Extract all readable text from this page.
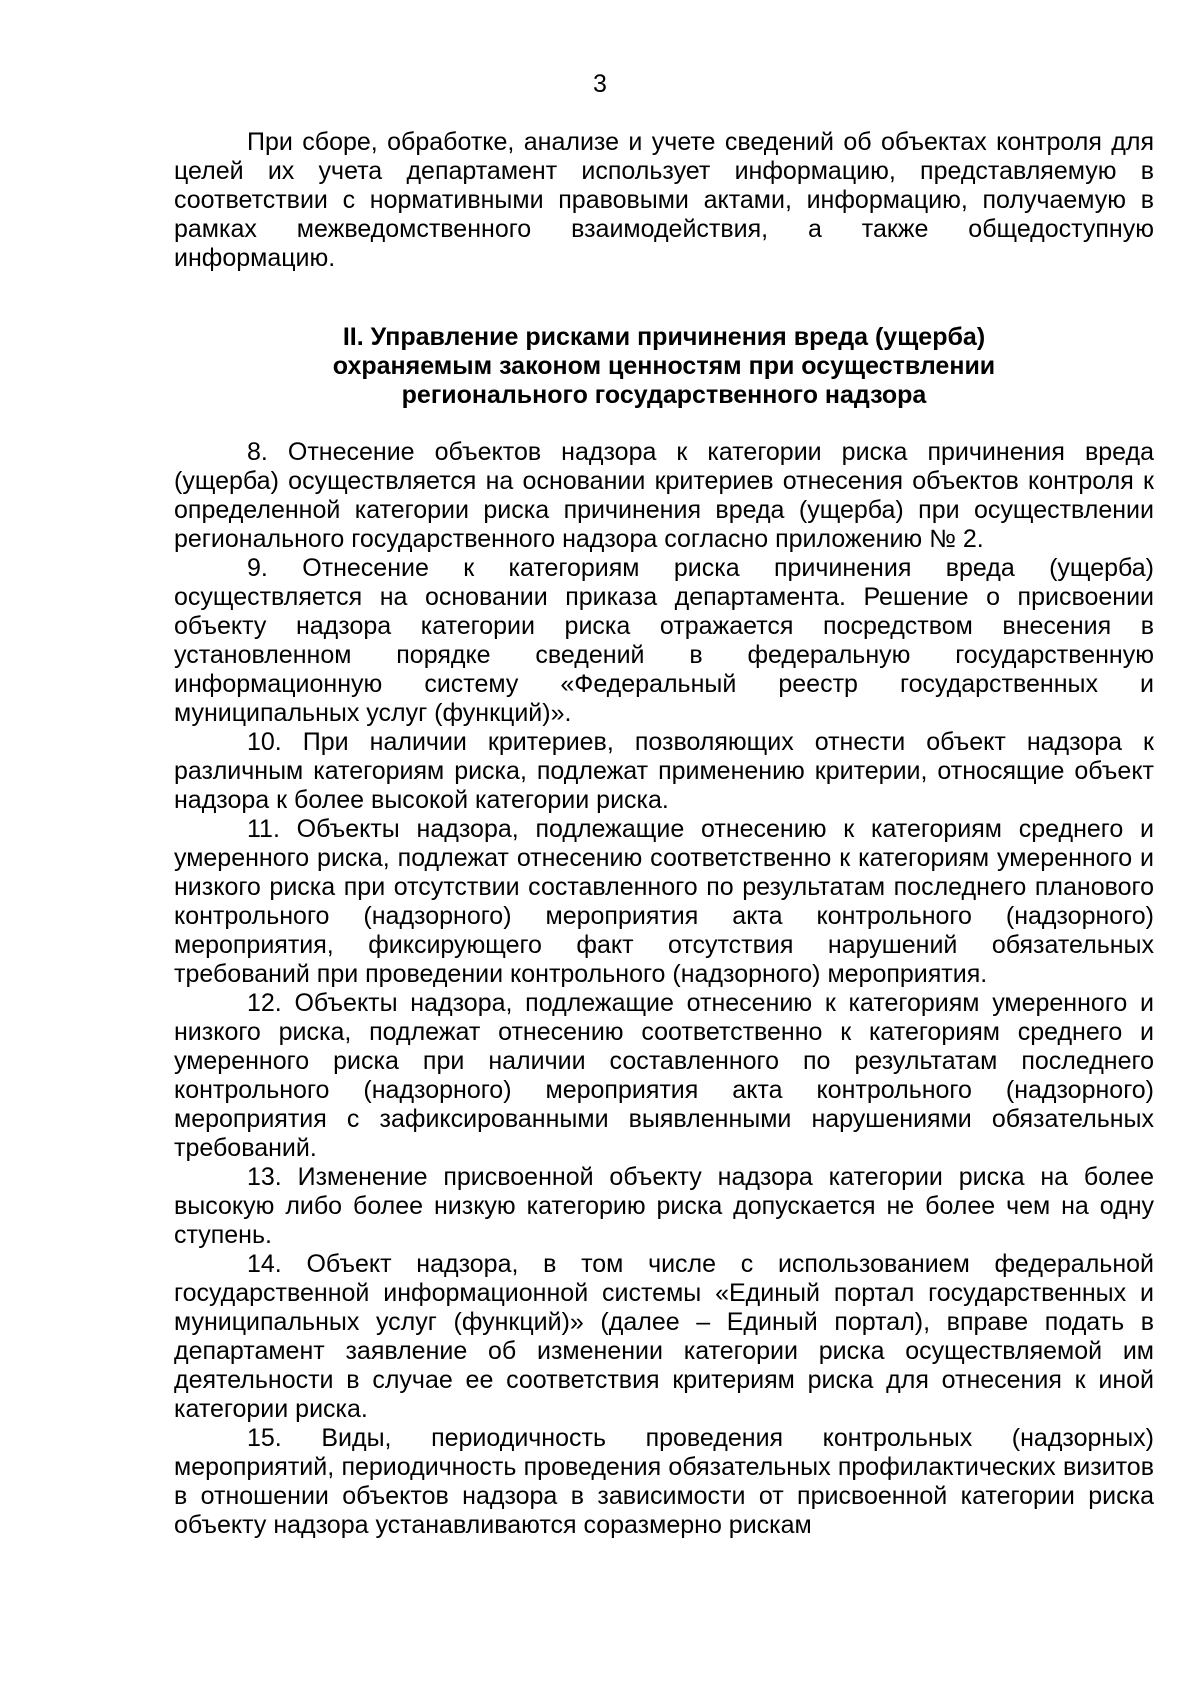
3

При сборе, обработке, анализе и учете сведений об объектах контроля для целей их учета департамент использует информацию, представляемую в соответствии с нормативными правовыми актами, информацию, получаемую в рамках межведомственного взаимодействия, а также общедоступную информацию.

II. Управление рисками причинения вреда (ущерба)
охраняемым законом ценностям при осуществлении
регионального государственного надзора

8. Отнесение объектов надзора к категории риска причинения вреда (ущерба) осуществляется на основании критериев отнесения объектов контроля к определенной категории риска причинения вреда (ущерба) при осуществлении регионального государственного надзора согласно приложению № 2.

9. Отнесение к категориям риска причинения вреда (ущерба) осуществляется на основании приказа департамента. Решение о присвоении объекту надзора категории риска отражается посредством внесения в установленном порядке сведений в федеральную государственную информационную систему «Федеральный реестр государственных и муниципальных услуг (функций)».

10. При наличии критериев, позволяющих отнести объект надзора к различным категориям риска, подлежат применению критерии, относящие объект надзора к более высокой категории риска.

11. Объекты надзора, подлежащие отнесению к категориям среднего и умеренного риска, подлежат отнесению соответственно к категориям умеренного и низкого риска при отсутствии составленного по результатам последнего планового контрольного (надзорного) мероприятия акта контрольного (надзорного) мероприятия, фиксирующего факт отсутствия нарушений обязательных требований при проведении контрольного (надзорного) мероприятия.

12. Объекты надзора, подлежащие отнесению к категориям умеренного и низкого риска, подлежат отнесению соответственно к категориям среднего и умеренного риска при наличии составленного по результатам последнего контрольного (надзорного) мероприятия акта контрольного (надзорного) мероприятия с зафиксированными выявленными нарушениями обязательных требований.

13. Изменение присвоенной объекту надзора категории риска на более высокую либо более низкую категорию риска допускается не более чем на одну ступень.

14. Объект надзора, в том числе с использованием федеральной государственной информационной системы «Единый портал государственных и муниципальных услуг (функций)» (далее – Единый портал), вправе подать в департамент заявление об изменении категории риска осуществляемой им деятельности в случае ее соответствия критериям риска для отнесения к иной категории риска.

15. Виды, периодичность проведения контрольных (надзорных) мероприятий, периодичность проведения обязательных профилактических визитов в отношении объектов надзора в зависимости от присвоенной категории риска объекту надзора устанавливаются соразмерно рискам
